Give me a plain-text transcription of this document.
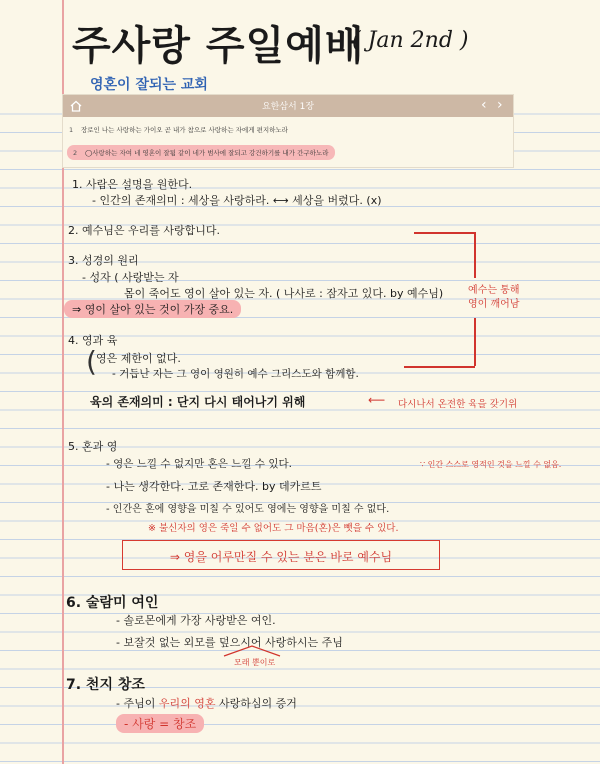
주사랑 주일예배
( Jan 2nd )
영혼이 잘되는 교회
요한삼서 1장	‹ ›
1 장로인 나는 사랑하는 가이오 곧 내가 참으로 사랑하는 자에게 편지하노라
2 ◯사랑하는 자여 네 영혼이 잘됨 같이 네가 범사에 잘되고 강건하기를 내가 간구하노라
1. 사람은 설명을 원한다.
- 인간의 존재의미 : 세상을 사랑하라. ⟷ 세상을 버렸다. (x)
2. 예수님은 우리를 사랑합니다.
3. 성경의 원리
- 성자 ( 사랑받는 자
몸이 죽어도 영이 살아 있는 자. ( 나사로 : 잠자고 있다. by 예수님)
⇒ 영이 살아 있는 것이 가장 중요.
예수는 통해
영이 깨어남
4. 영과 육
( 영은 제한이 없다.
- 거듭난 자는 그 영이 영원히 예수 그리스도와 함께함.
육의 존재의미 : 단지 다시 태어나기 위해	⟵ 다시나서 온전한 육을 갖기위
5. 혼과 영
- 영은 느낄 수 없지만 혼은 느낄 수 있다.	∵ 인간 스스로 영적인 것을 느낄 수 없음.
- 나는 생각한다. 고로 존재한다. by 데카르트
- 인간은 혼에 영향을 미칠 수 있어도 영에는 영향을 미칠 수 없다.
※ 불신자의 영은 죽일 수 없어도 그 마음(혼)은 뺏을 수 있다.
⇒ 영을 어루만질 수 있는 분은 바로 예수님
6. 술람미 여인
- 솔로몬에게 가장 사랑받은 여인.
- 보잘것 없는 외모를 덮으시어 사랑하시는 주님
모래 뿐이로
7. 천지 창조
- 주님이 우리의 영혼 사랑하심의 증거
- 사랑 = 창조
